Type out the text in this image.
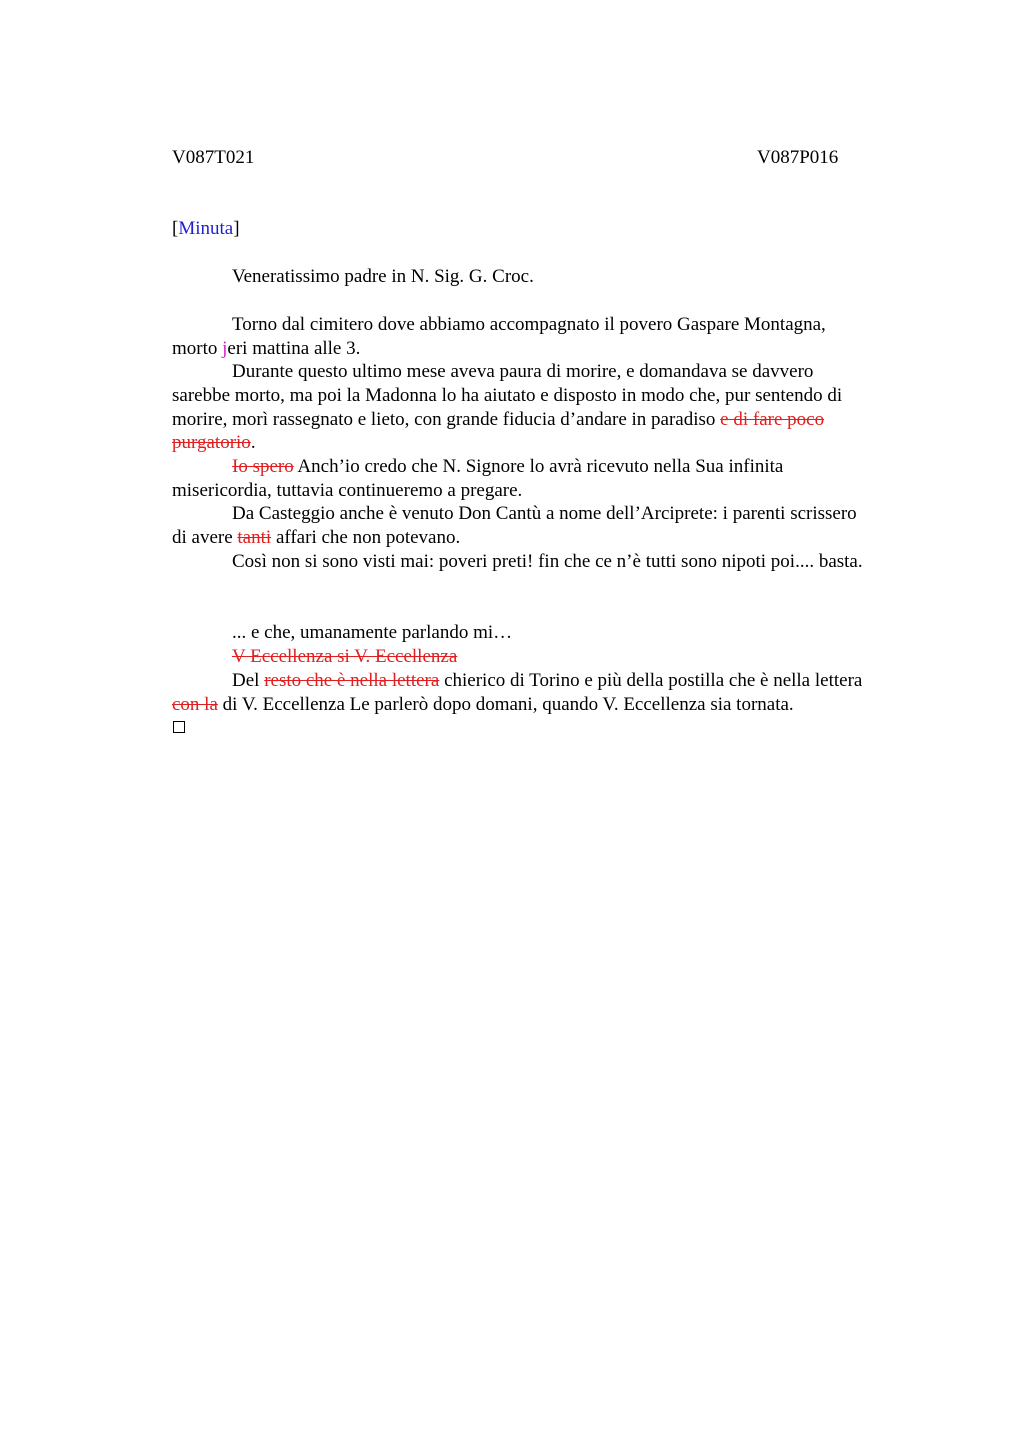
V087T021	V087P016
[Minuta]
Veneratissimo padre in N. Sig. G. Croc.
Torno dal cimitero dove abbiamo accompagnato il povero Gaspare Montagna,
morto jeri mattina alle 3.
Durante questo ultimo mese aveva paura di morire, e domandava se davvero
sarebbe morto, ma poi la Madonna lo ha aiutato e disposto in modo che, pur sentendo di
morire, morì rassegnato e lieto, con grande fiducia d’andare in paradiso e di fare poco
purgatorio.
Io spero Anch’io credo che N. Signore lo avrà ricevuto nella Sua infinita
misericordia, tuttavia continueremo a pregare.
Da Casteggio anche è venuto Don Cantù a nome dell’Arciprete: i parenti scrissero
di avere tanti affari che non potevano.
Così non si sono visti mai: poveri preti! fin che ce n’è tutti sono nipoti poi.... basta.
... e che, umanamente parlando mi…
V Eccellenza si V. Eccellenza
Del resto che è nella lettera chierico di Torino e più della postilla che è nella lettera
con la di V. Eccellenza Le parlerò dopo domani, quando V. Eccellenza sia tornata.
